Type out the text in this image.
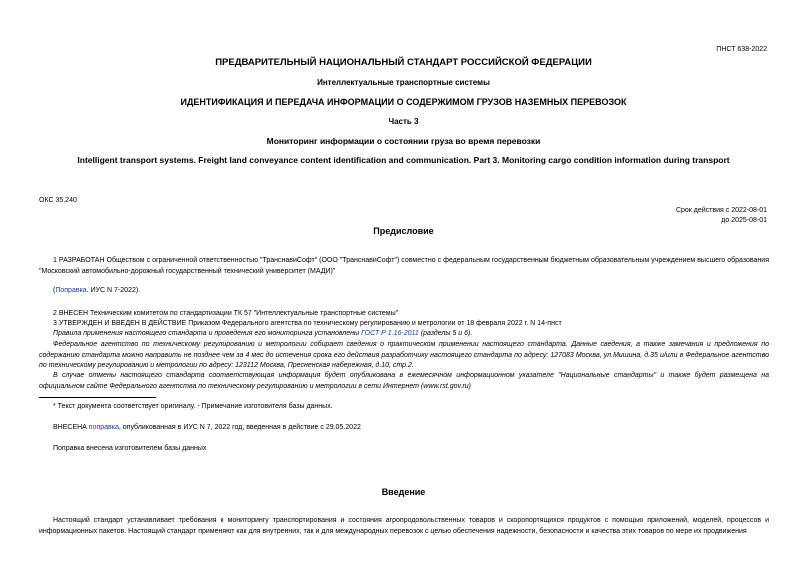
ПНСТ 638-2022
ПРЕДВАРИТЕЛЬНЫЙ НАЦИОНАЛЬНЫЙ СТАНДАРТ РОССИЙСКОЙ ФЕДЕРАЦИИ
Интеллектуальные транспортные системы
ИДЕНТИФИКАЦИЯ И ПЕРЕДАЧА ИНФОРМАЦИИ О СОДЕРЖИМОМ ГРУЗОВ НАЗЕМНЫХ ПЕРЕВОЗОК
Часть 3
Мониторинг информации о состоянии груза во время перевозки
Intelligent transport systems. Freight land conveyance content identification and communication. Part 3. Monitoring cargo condition information during transport
ОКС 35.240
Срок действия с 2022-08-01
до 2025-08-01
Предисловие
1 РАЗРАБОТАН Обществом с ограниченной ответственностью "ТранснавиСофт" (ООО "ТранснавиСофт") совместно с федеральным государственным бюджетным образовательным учреждением высшего образования "Московский автомобильно-дорожный государственный технический университет (МАДИ)"
(Поправка. ИУС N 7-2022).
2 ВНЕСЕН Техническим комитетом по стандартизации ТК 57 "Интеллектуальные транспортные системы"
3 УТВЕРЖДЕН И ВВЕДЕН В ДЕЙСТВИЕ Приказом Федерального агентства по техническому регулированию и метрологии от 18 февраля 2022 г. N 14-пнст
Правила применения настоящего стандарта и проведения его мониторинга установлены ГОСТ Р 1.16-2011 (разделы 5 и 6).
Федеральное агентство по техническому регулированию и метрологии собирает сведения о практическом применении настоящего стандарта. Данные сведения, а также замечания и предложения по содержанию стандарта можно направить не позднее чем за 4 мес до истечения срока его действия разработчику настоящего стандарта по адресу: 127083 Москва, ул.Мишина, д.35 и/или в Федеральное агентство по техническому регулированию и метрологии по адресу: 123112 Москва, Пресненская набережная, д.10, стр.2.
В случае отмены настоящего стандарта соответствующая информация будет опубликована в ежемесячном информационном указателе "Национальные стандарты" и также будет размещена на официальном сайте Федерального агентства по техническому регулированию и метрологии в сети Интернет (www.rst.gov.ru)
* Текст документа соответствует оригиналу. - Примечание изготовителя базы данных.
ВНЕСЕНА поправка, опубликованная в ИУС N 7, 2022 год, введенная в действие с 29.05.2022
Поправка внесена изготовителем базы данных
Введение
Настоящий стандарт устанавливает требования к мониторингу транспортирования и состояния агропродовольственных товаров и скоропортящихся продуктов с помощью приложений, моделей, процессов и информационных пакетов. Настоящий стандарт применяют как для внутренних, так и для международных перевозок с целью обеспечения надежности, безопасности и качества этих товаров по мере их продвижения
